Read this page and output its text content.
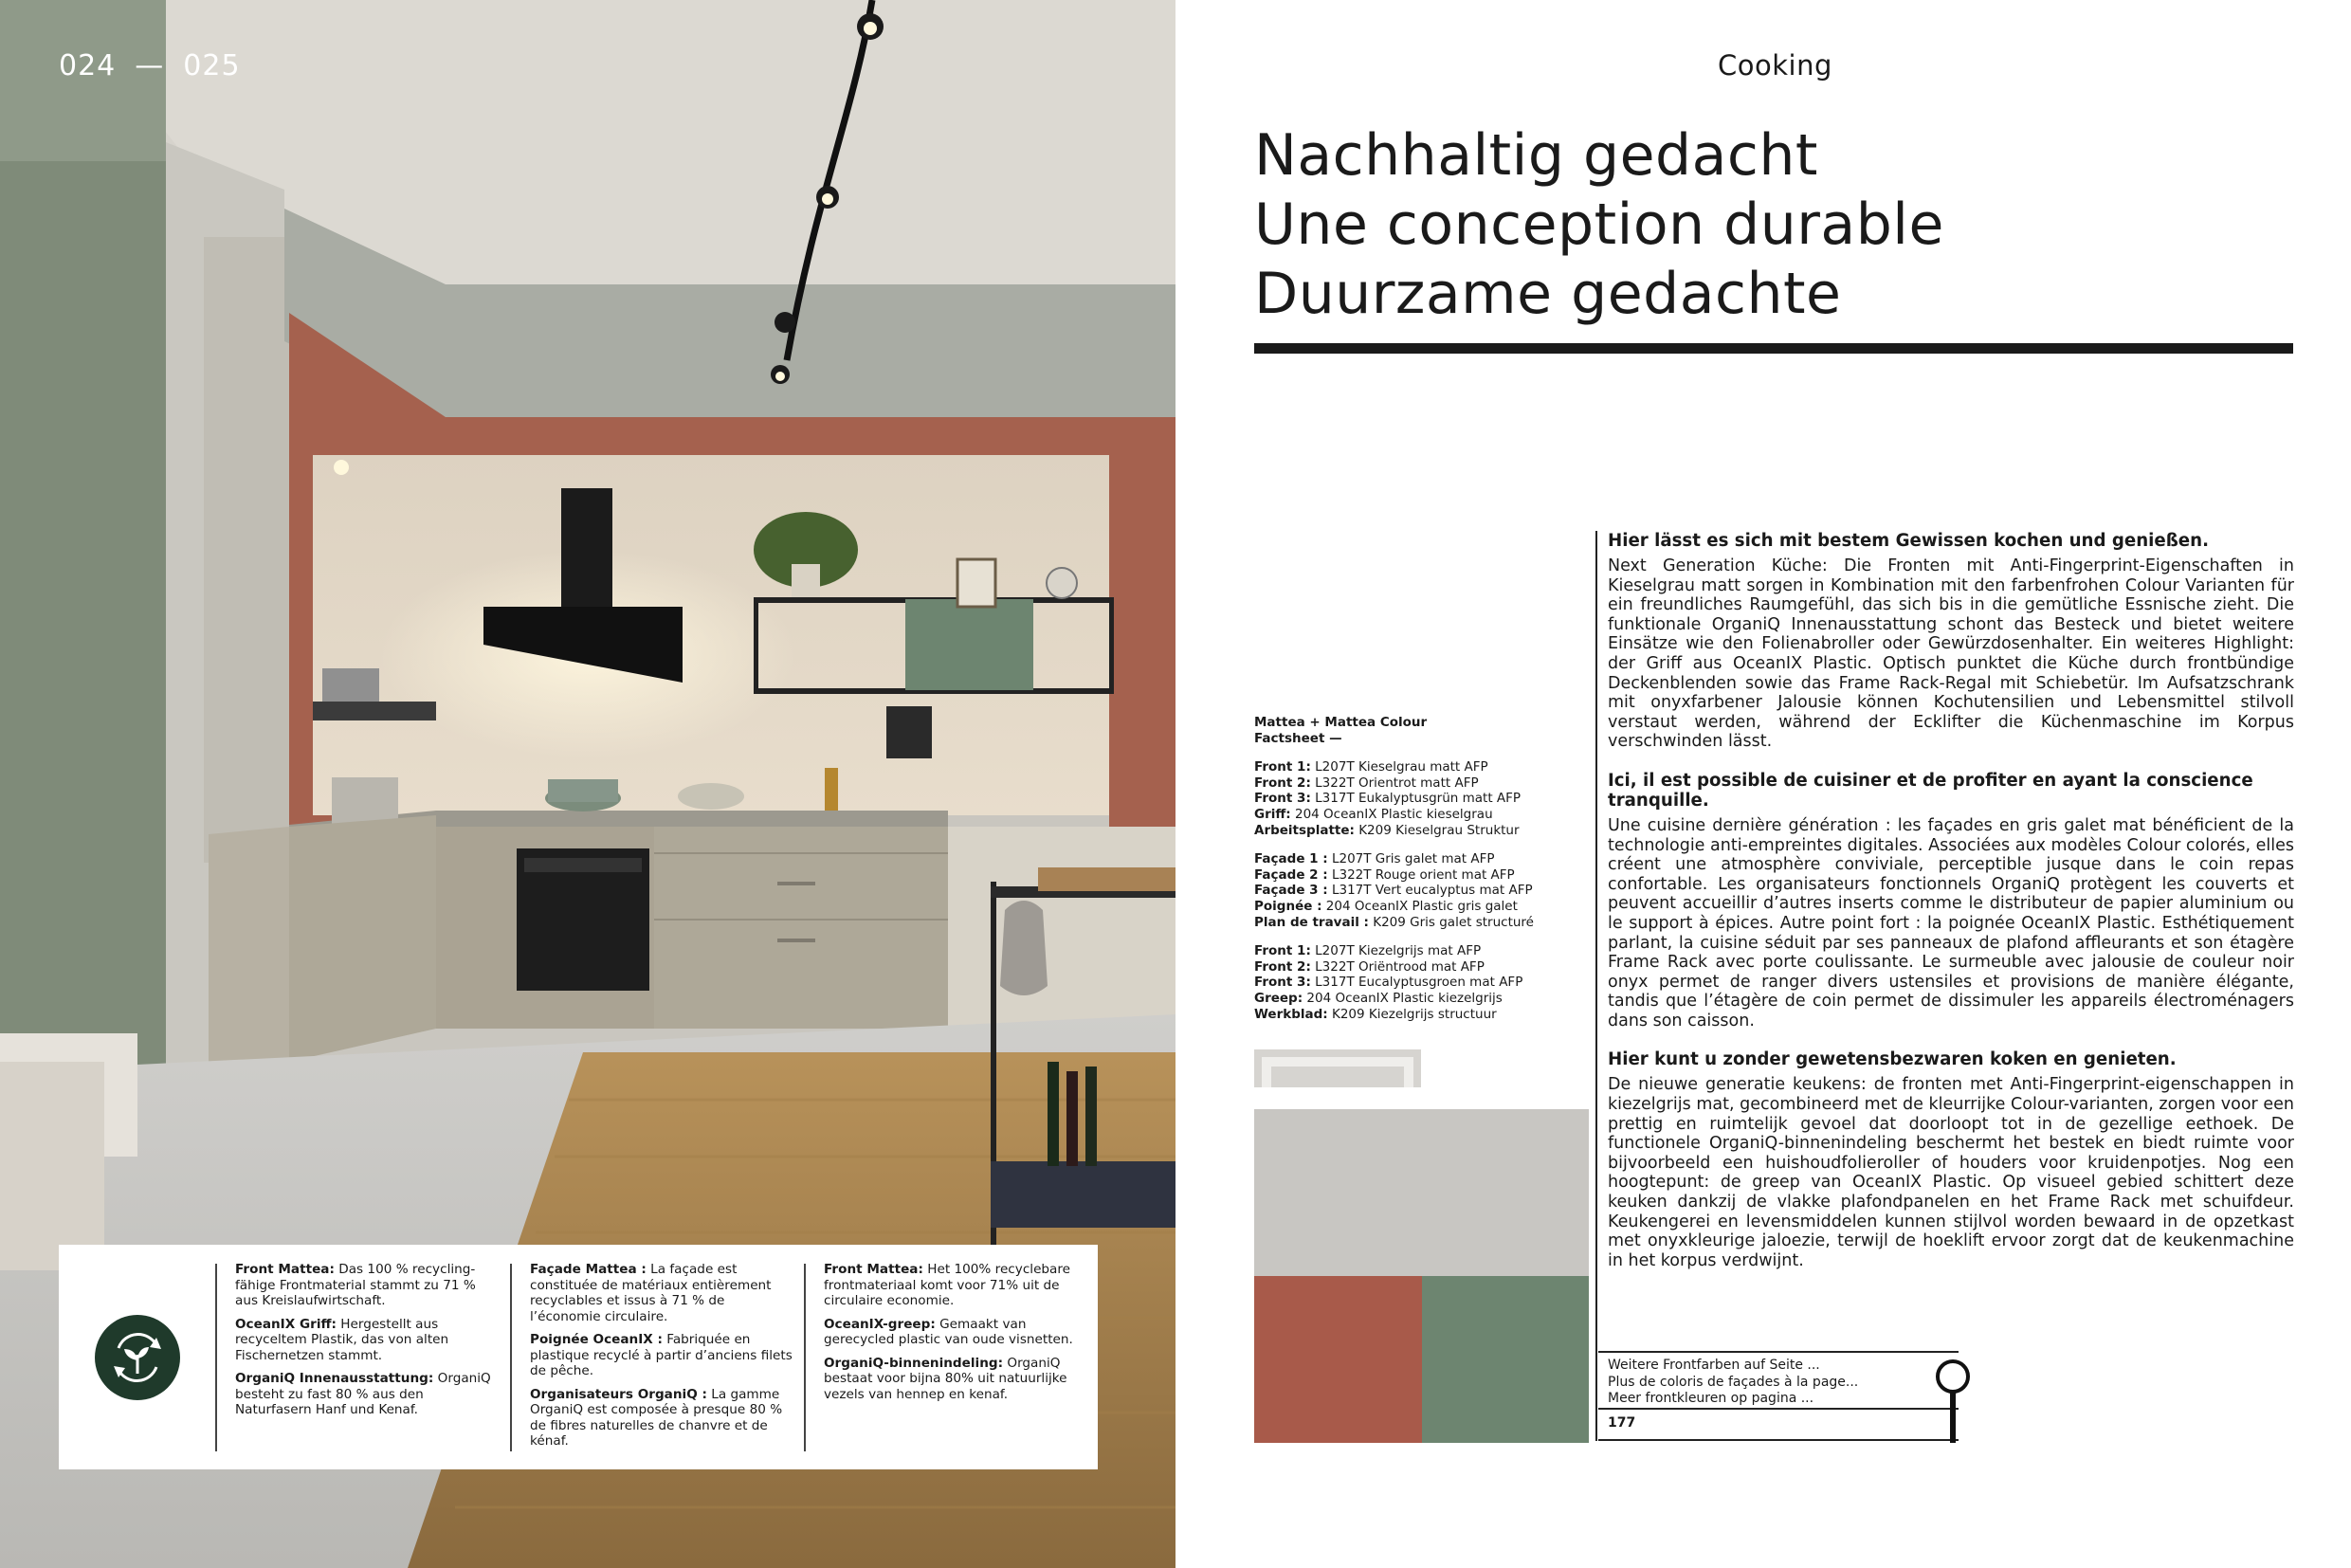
024 — 025

Front Mattea: Das 100 % recyclingfähige Frontmaterial stammt zu 71 % aus Kreislaufwirtschaft.

OceanIX Griff: Hergestellt aus recyceltem Plastik, das von alten Fischernetzen stammt.

OrganiQ Innenausstattung: OrganiQ besteht zu fast 80 % aus den Naturfasern Hanf und Kenaf.

Façade Mattea : La façade est constituée de matériaux entièrement recyclables et issus à 71 % de l’économie circulaire.

Poignée OceanIX : Fabriquée en plastique recyclé à partir d’anciens filets de pêche.

Organisateurs OrganiQ : La gamme OrganiQ est composée à presque 80 % de fibres naturelles de chanvre et de kénaf.

Front Mattea: Het 100% recyclebare frontmateriaal komt voor 71% uit de circulaire economie.

OceanIX-greep: Gemaakt van gerecycled plastic van oude visnetten.

OrganiQ-binnenindeling: OrganiQ bestaat voor bijna 80% uit natuurlijke vezels van hennep en kenaf.

Cooking
Nachhaltig gedacht
Une conception durable
Duurzame gedachte
Mattea + Mattea Colour
Factsheet —
Front 1: L207T Kieselgrau matt AFP
Front 2: L322T Orientrot matt AFP
Front 3: L317T Eukalyptusgrün matt AFP
Griff: 204 OceanIX Plastic kieselgrau
Arbeitsplatte: K209 Kieselgrau Struktur
Façade 1 : L207T Gris galet mat AFP
Façade 2 : L322T Rouge orient mat AFP
Façade 3 : L317T Vert eucalyptus mat AFP
Poignée : 204 OceanIX Plastic gris galet
Plan de travail : K209 Gris galet structuré
Front 1: L207T Kiezelgrijs mat AFP
Front 2: L322T Oriëntrood mat AFP
Front 3: L317T Eucalyptusgroen mat AFP
Greep: 204 OceanIX Plastic kiezelgrijs
Werkblad: K209 Kiezelgrijs structuur
Hier lässt es sich mit bestem Gewissen kochen und genießen.

Next Generation Küche: Die Fronten mit Anti-Fingerprint-Eigenschaften in Kieselgrau matt sorgen in Kombination mit den farbenfrohen Colour Varianten für ein freundliches Raumgefühl, das sich bis in die gemütliche Essnische zieht. Die funktionale OrganiQ Innenausstattung schont das Besteck und bietet weitere Einsätze wie den Folienabroller oder Gewürzdosenhalter. Ein weiteres Highlight: der Griff aus OceanIX Plastic. Optisch punktet die Küche durch frontbündige Deckenblenden sowie das Frame Rack-Regal mit Schiebetür. Im Aufsatzschrank mit onyxfarbener Jalousie können Kochutensilien und Lebensmittel stilvoll verstaut werden, während der Ecklifter die Küchenmaschine im Korpus verschwinden lässt.

Ici, il est possible de cuisiner et de profiter en ayant la conscience tranquille.

Une cuisine dernière génération : les façades en gris galet mat bénéficient de la technologie anti-empreintes digitales. Associées aux modèles Colour colorés, elles créent une atmosphère conviviale, perceptible jusque dans le coin repas confortable. Les organisateurs fonctionnels OrganiQ protègent les couverts et peuvent accueillir d’autres inserts comme le distributeur de papier aluminium ou le support à épices. Autre point fort : la poignée OceanIX Plastic. Esthétiquement parlant, la cuisine séduit par ses panneaux de plafond affleurants et son étagère Frame Rack avec porte coulissante. Le surmeuble avec jalousie de couleur noir onyx permet de ranger divers ustensiles et provisions de manière élégante, tandis que l’étagère de coin permet de dissimuler les appareils électroménagers dans son caisson.

Hier kunt u zonder gewetensbezwaren koken en genieten.

De nieuwe generatie keukens: de fronten met Anti-Fingerprint-eigenschappen in kiezelgrijs mat, gecombineerd met de kleurrijke Colour-varianten, zorgen voor een prettig en ruimtelijk gevoel dat doorloopt tot in de gezellige eethoek. De functionele OrganiQ-binnenindeling beschermt het bestek en biedt ruimte voor bijvoorbeeld een huishoudfolieroller of houders voor kruidenpotjes. Nog een hoogtepunt: de greep van OceanIX Plastic. Op visueel gebied schittert deze keuken dankzij de vlakke plafondpanelen en het Frame Rack met schuifdeur. Keukengerei en levensmiddelen kunnen stijlvol worden bewaard in de opzetkast met onyxkleurige jaloezie, terwijl de hoeklift ervoor zorgt dat de keukenmachine in het korpus verdwijnt.

Weitere Frontfarben auf Seite ...
Plus de coloris de façades à la page...
Meer frontkleuren op pagina ...
177
